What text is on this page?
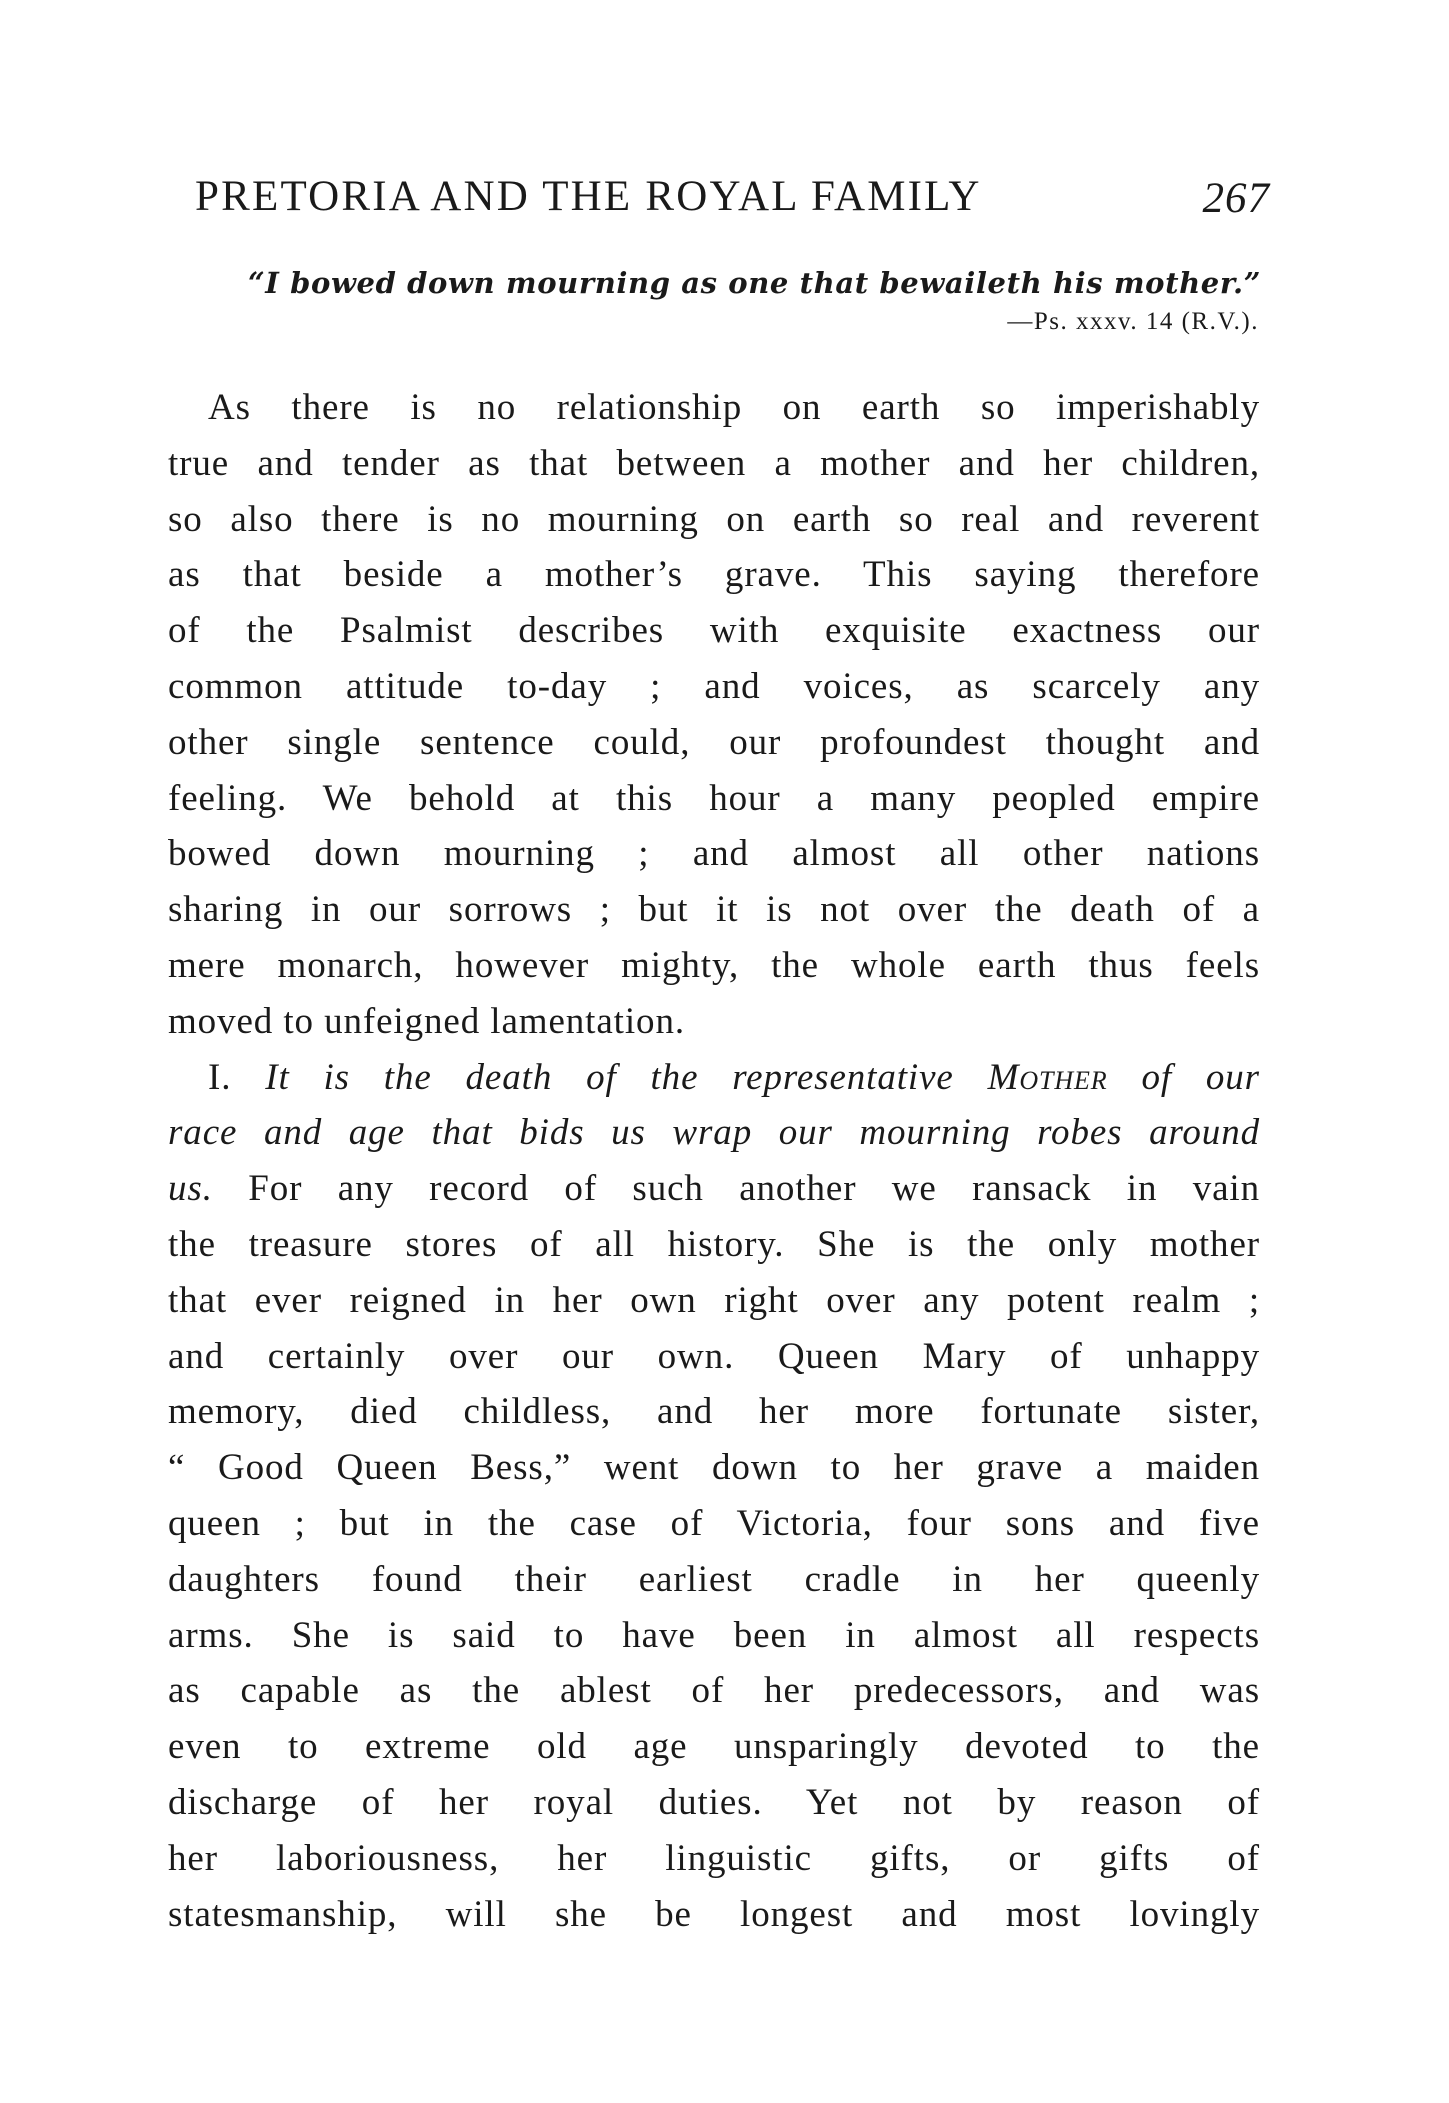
PRETORIA AND THE ROYAL FAMILY	267
“I bowed down mourning as one that bewaileth his mother.”
—Ps. xxxv. 14 (R.V.).
As there is no relationship on earth so imperishably
true and tender as that between a mother and her children,
so also there is no mourning on earth so real and reverent
as that beside a mother’s grave. This saying therefore
of the Psalmist describes with exquisite exactness our
common attitude to-day ; and voices, as scarcely any
other single sentence could, our profoundest thought and
feeling. We behold at this hour a many peopled empire
bowed down mourning ; and almost all other nations
sharing in our sorrows ; but it is not over the death of a
mere monarch, however mighty, the whole earth thus feels
moved to unfeigned lamentation.
I. It is the death of the representative Mother of our
race and age that bids us wrap our mourning robes around
us. For any record of such another we ransack in vain
the treasure stores of all history. She is the only mother
that ever reigned in her own right over any potent realm ;
and certainly over our own. Queen Mary of unhappy
memory, died childless, and her more fortunate sister,
“ Good Queen Bess,” went down to her grave a maiden
queen ; but in the case of Victoria, four sons and five
daughters found their earliest cradle in her queenly
arms. She is said to have been in almost all respects
as capable as the ablest of her predecessors, and was
even to extreme old age unsparingly devoted to the
discharge of her royal duties. Yet not by reason of
her laboriousness, her linguistic gifts, or gifts of
statesmanship, will she be longest and most lovingly
